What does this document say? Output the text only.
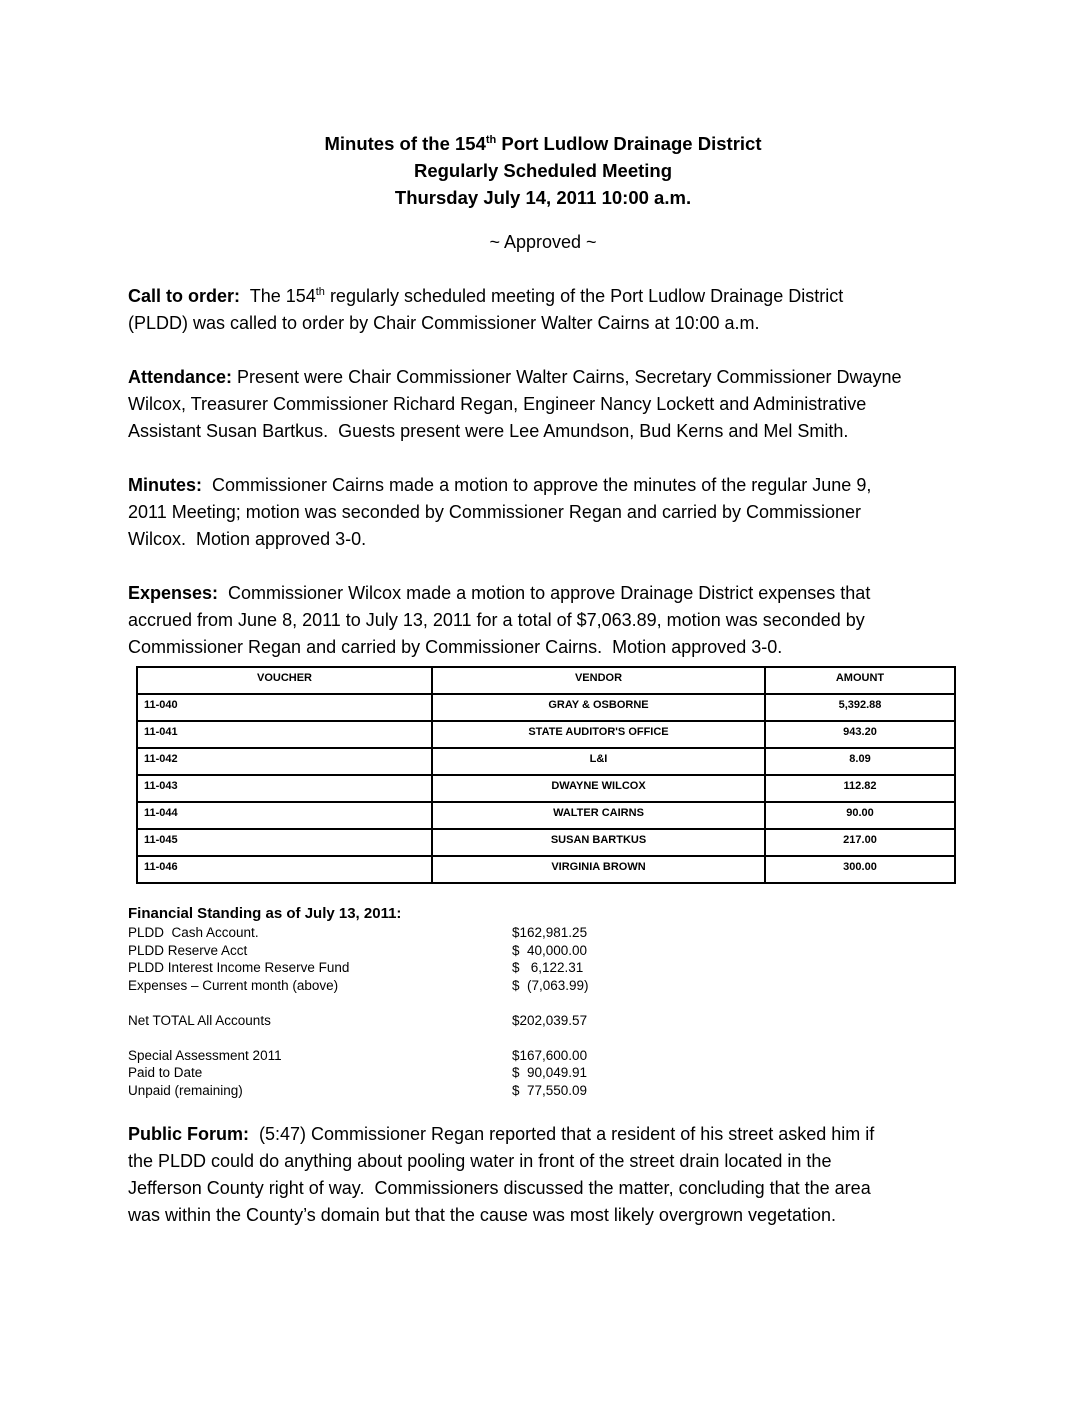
Minutes of the 154th Port Ludlow Drainage District
Regularly Scheduled Meeting
Thursday July 14, 2011 10:00 a.m.
~ Approved ~
Call to order:  The 154th regularly scheduled meeting of the Port Ludlow Drainage District
(PLDD) was called to order by Chair Commissioner Walter Cairns at 10:00 a.m.
Attendance: Present were Chair Commissioner Walter Cairns, Secretary Commissioner Dwayne
Wilcox, Treasurer Commissioner Richard Regan, Engineer Nancy Lockett and Administrative
Assistant Susan Bartkus.  Guests present were Lee Amundson, Bud Kerns and Mel Smith.
Minutes:  Commissioner Cairns made a motion to approve the minutes of the regular June 9,
2011 Meeting; motion was seconded by Commissioner Regan and carried by Commissioner
Wilcox.  Motion approved 3-0.
Expenses:  Commissioner Wilcox made a motion to approve Drainage District expenses that
accrued from June 8, 2011 to July 13, 2011 for a total of $7,063.89, motion was seconded by
Commissioner Regan and carried by Commissioner Cairns.  Motion approved 3-0.
VOUCHER	VENDOR	AMOUNT
11-040	GRAY & OSBORNE	5,392.88
11-041	STATE AUDITOR'S OFFICE	943.20
11-042	L&I	8.09
11-043	DWAYNE WILCOX	112.82
11-044	WALTER CAIRNS	90.00
11-045	SUSAN BARTKUS	217.00
11-046	VIRGINIA BROWN	300.00
Financial Standing as of July 13, 2011:
PLDD  Cash Account.	$162,981.25
PLDD Reserve Acct	$  40,000.00
PLDD Interest Income Reserve Fund	$   6,122.31
Expenses – Current month (above)	$  (7,063.99)
Net TOTAL All Accounts	$202,039.57
Special Assessment 2011	$167,600.00
Paid to Date	$  90,049.91
Unpaid (remaining)	$  77,550.09
Public Forum:  (5:47) Commissioner Regan reported that a resident of his street asked him if
the PLDD could do anything about pooling water in front of the street drain located in the
Jefferson County right of way.  Commissioners discussed the matter, concluding that the area
was within the County’s domain but that the cause was most likely overgrown vegetation.
